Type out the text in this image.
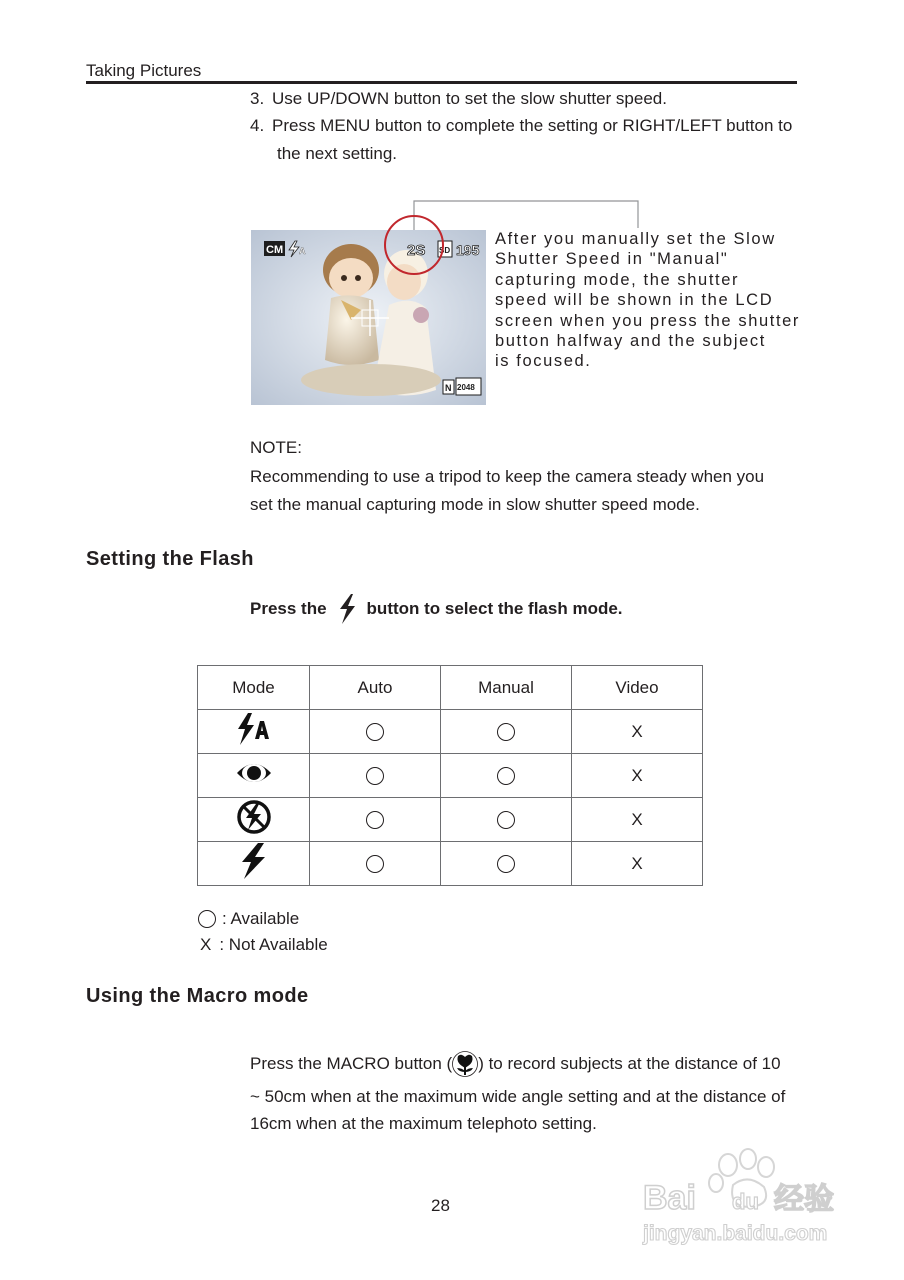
Taking Pictures
3. Use UP/DOWN button to set the slow shutter speed.
4. Press MENU button to complete the setting or RIGHT/LEFT button to
the next setting.
CM A	2S SD 195
N 2048
After you manually set the Slow
Shutter Speed in "Manual"
capturing mode, the shutter
speed will be shown in the LCD
screen when you press the shutter
button halfway and the subject
is focused.
NOTE:
Recommending to use a tripod to keep the camera steady when you
set the manual capturing mode in slow shutter speed mode.
Setting the Flash
Press the button to select the flash mode.
Mode	Auto	Manual	Video
			X
			X
			X
			X
: Available
X : Not Available
Using the Macro mode
Press the MACRO button ( ) to record subjects at the distance of 10
~ 50cm when at the maximum wide angle setting and at the distance of
16cm when at the maximum telephoto setting.
28	Bai du 经验
jingyan.baidu.com
